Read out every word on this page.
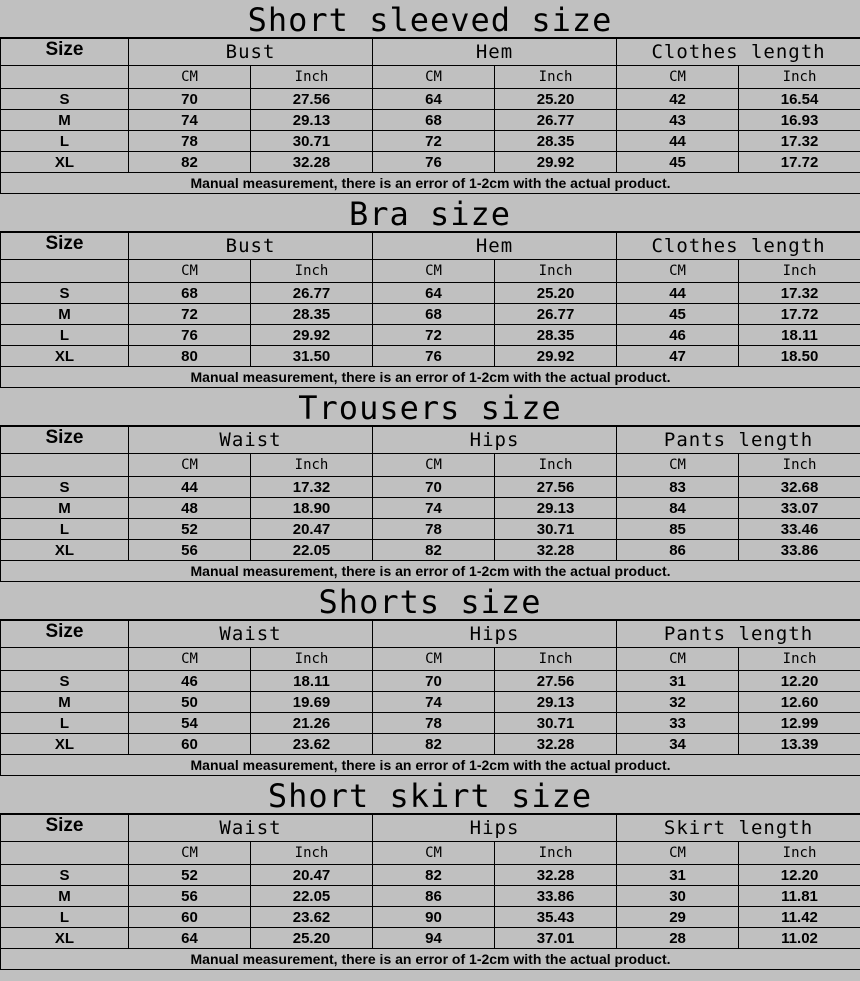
Short sleeved size
Size	Bust		Hem		Clothes length	
	CM	Inch	CM	Inch	CM	Inch
S	70	27.56	64	25.20	42	16.54
M	74	29.13	68	26.77	43	16.93
L	78	30.71	72	28.35	44	17.32
XL	82	32.28	76	29.92	45	17.72
Manual measurement, there is an error of 1-2cm with the actual product.						
Bra size
Size	Bust		Hem		Clothes length	
	CM	Inch	CM	Inch	CM	Inch
S	68	26.77	64	25.20	44	17.32
M	72	28.35	68	26.77	45	17.72
L	76	29.92	72	28.35	46	18.11
XL	80	31.50	76	29.92	47	18.50
Manual measurement, there is an error of 1-2cm with the actual product.						
Trousers size
Size	Waist		Hips		Pants length	
	CM	Inch	CM	Inch	CM	Inch
S	44	17.32	70	27.56	83	32.68
M	48	18.90	74	29.13	84	33.07
L	52	20.47	78	30.71	85	33.46
XL	56	22.05	82	32.28	86	33.86
Manual measurement, there is an error of 1-2cm with the actual product.						
Shorts size
Size	Waist		Hips		Pants length	
	CM	Inch	CM	Inch	CM	Inch
S	46	18.11	70	27.56	31	12.20
M	50	19.69	74	29.13	32	12.60
L	54	21.26	78	30.71	33	12.99
XL	60	23.62	82	32.28	34	13.39
Manual measurement, there is an error of 1-2cm with the actual product.						
Short skirt size
Size	Waist		Hips		Skirt length	
	CM	Inch	CM	Inch	CM	Inch
S	52	20.47	82	32.28	31	12.20
M	56	22.05	86	33.86	30	11.81
L	60	23.62	90	35.43	29	11.42
XL	64	25.20	94	37.01	28	11.02
Manual measurement, there is an error of 1-2cm with the actual product.						
